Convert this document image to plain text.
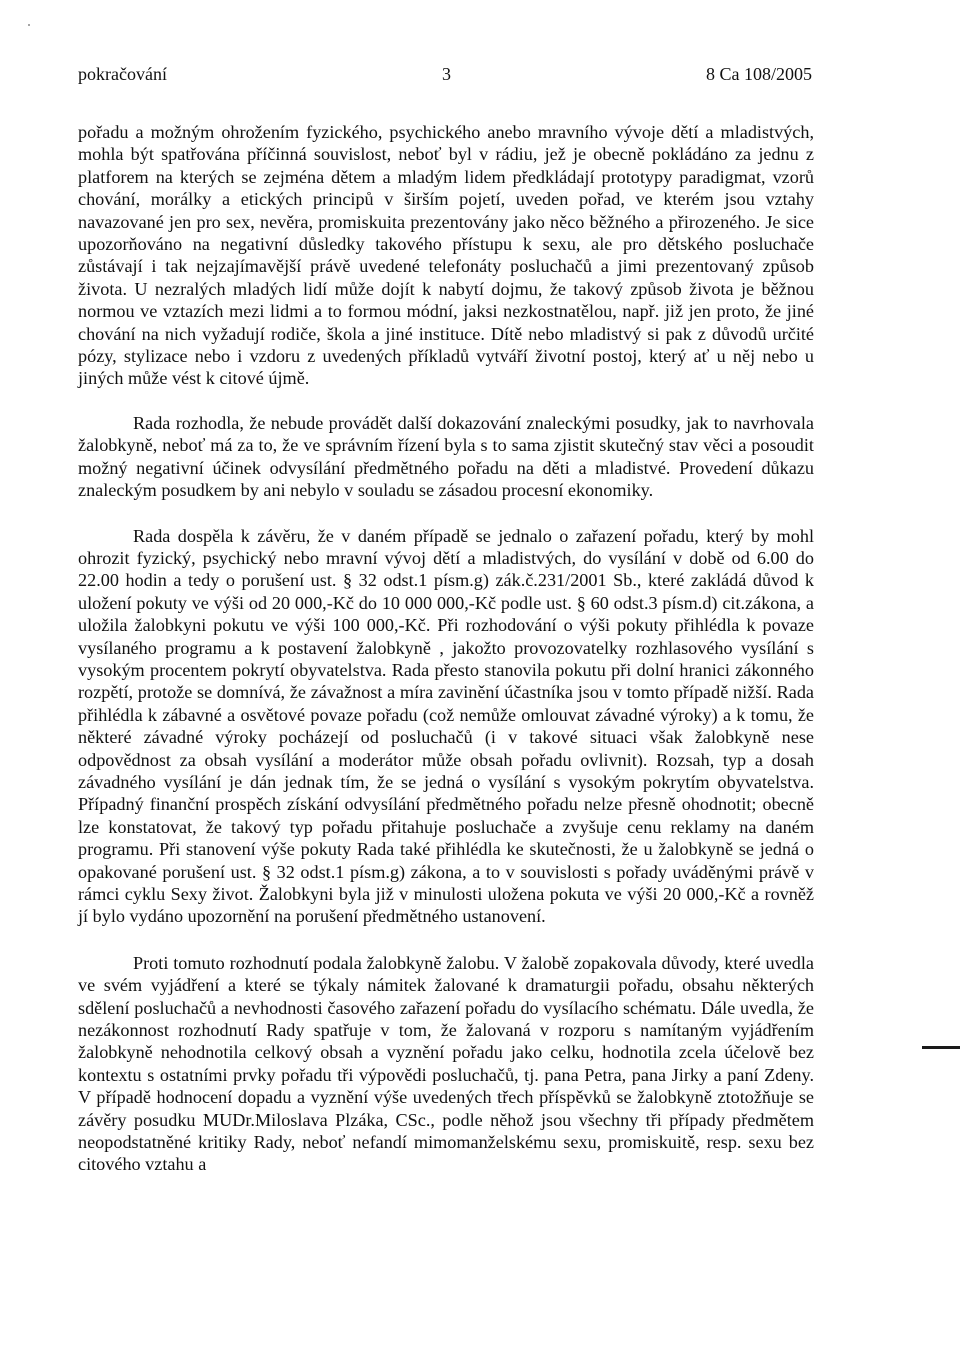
pokračování	3	8 Ca 108/2005

pořadu a možným ohrožením fyzického, psychického anebo mravního vývoje dětí a mladistvých, mohla být spatřována příčinná souvislost, neboť byl v rádiu, jež je obecně pokládáno za jednu z platforem na kterých se zejména dětem a mladým lidem předkládají prototypy paradigmat, vzorů chování, morálky a etických principů v širším pojetí, uveden pořad, ve kterém jsou vztahy navazované jen pro sex, nevěra, promiskuita prezentovány jako něco běžného a přirozeného. Je sice upozorňováno na negativní důsledky takového přístupu k sexu, ale pro dětského posluchače zůstávají i tak nejzajímavější právě uvedené telefonáty posluchačů a jimi prezentovaný způsob života. U nezralých mladých lidí může dojít k nabytí dojmu, že takový způsob života je běžnou normou ve vztazích mezi lidmi a to formou módní, jaksi nezkostnatělou, např. již jen proto, že jiné chování na nich vyžadují rodiče, škola a jiné instituce. Dítě nebo mladistvý si pak z důvodů určité pózy, stylizace nebo i vzdoru z uvedených příkladů vytváří životní postoj, který ať u něj nebo u jiných může vést k citové újmě.

Rada rozhodla, že nebude provádět další dokazování znaleckými posudky, jak to navrhovala žalobkyně, neboť má za to, že ve správním řízení byla s to sama zjistit skutečný stav věci a posoudit možný negativní účinek odvysílání předmětného pořadu na děti a mladistvé. Provedení důkazu znaleckým posudkem by ani nebylo v souladu se zásadou procesní ekonomiky.

Rada dospěla k závěru, že v daném případě se jednalo o zařazení pořadu, který by mohl ohrozit fyzický, psychický nebo mravní vývoj dětí a mladistvých, do vysílání v době od 6.00 do 22.00 hodin a tedy o porušení ust. § 32 odst.1 písm.g) zák.č.231/2001 Sb., které zakládá důvod k uložení pokuty ve výši od 20 000,-Kč do 10 000 000,-Kč podle ust. § 60 odst.3 písm.d) cit.zákona, a uložila žalobkyni pokutu ve výši 100 000,-Kč. Při rozhodování o výši pokuty přihlédla k povaze vysílaného programu a k postavení žalobkyně , jakožto provozovatelky rozhlasového vysílání s vysokým procentem pokrytí obyvatelstva. Rada přesto stanovila pokutu při dolní hranici zákonného rozpětí, protože se domnívá, že závažnost a míra zavinění účastníka jsou v tomto případě nižší. Rada přihlédla k zábavné a osvětové povaze pořadu (což nemůže omlouvat závadné výroky) a k tomu, že některé závadné výroky pocházejí od posluchačů (i v takové situaci však žalobkyně nese odpovědnost za obsah vysílání a moderátor může obsah pořadu ovlivnit). Rozsah, typ a dosah závadného vysílání je dán jednak tím, že se jedná o vysílání s vysokým pokrytím obyvatelstva. Případný finanční prospěch získání odvysílání předmětného pořadu nelze přesně ohodnotit; obecně lze konstatovat, že takový typ pořadu přitahuje posluchače a zvyšuje cenu reklamy na daném programu. Při stanovení výše pokuty Rada také přihlédla ke skutečnosti, že u žalobkyně se jedná o opakované porušení ust. § 32 odst.1 písm.g) zákona, a to v souvislosti s pořady uváděnými právě v rámci cyklu Sexy život. Žalobkyni byla již v minulosti uložena pokuta ve výši 20 000,-Kč a rovněž jí bylo vydáno upozornění na porušení předmětného ustanovení.

Proti tomuto rozhodnutí podala žalobkyně žalobu. V žalobě zopakovala důvody, které uvedla ve svém vyjádření a které se týkaly námitek žalované k dramaturgii pořadu, obsahu některých sdělení posluchačů a nevhodnosti časového zařazení pořadu do vysílacího schématu. Dále uvedla, že nezákonnost rozhodnutí Rady spatřuje v tom, že žalovaná v rozporu s namítaným vyjádřením žalobkyně nehodnotila celkový obsah a vyznění pořadu jako celku, hodnotila zcela účelově bez kontextu s ostatními prvky pořadu tři výpovědi posluchačů, tj. pana Petra, pana Jirky a paní Zdeny. V případě hodnocení dopadu a vyznění výše uvedených třech příspěvků se žalobkyně ztotožňuje se závěry posudku MUDr.Miloslava Plzáka, CSc., podle něhož jsou všechny tři případy předmětem neopodstatněné kritiky Rady, neboť nefandí mimomanželskému sexu, promiskuitě, resp. sexu bez citového vztahu a
